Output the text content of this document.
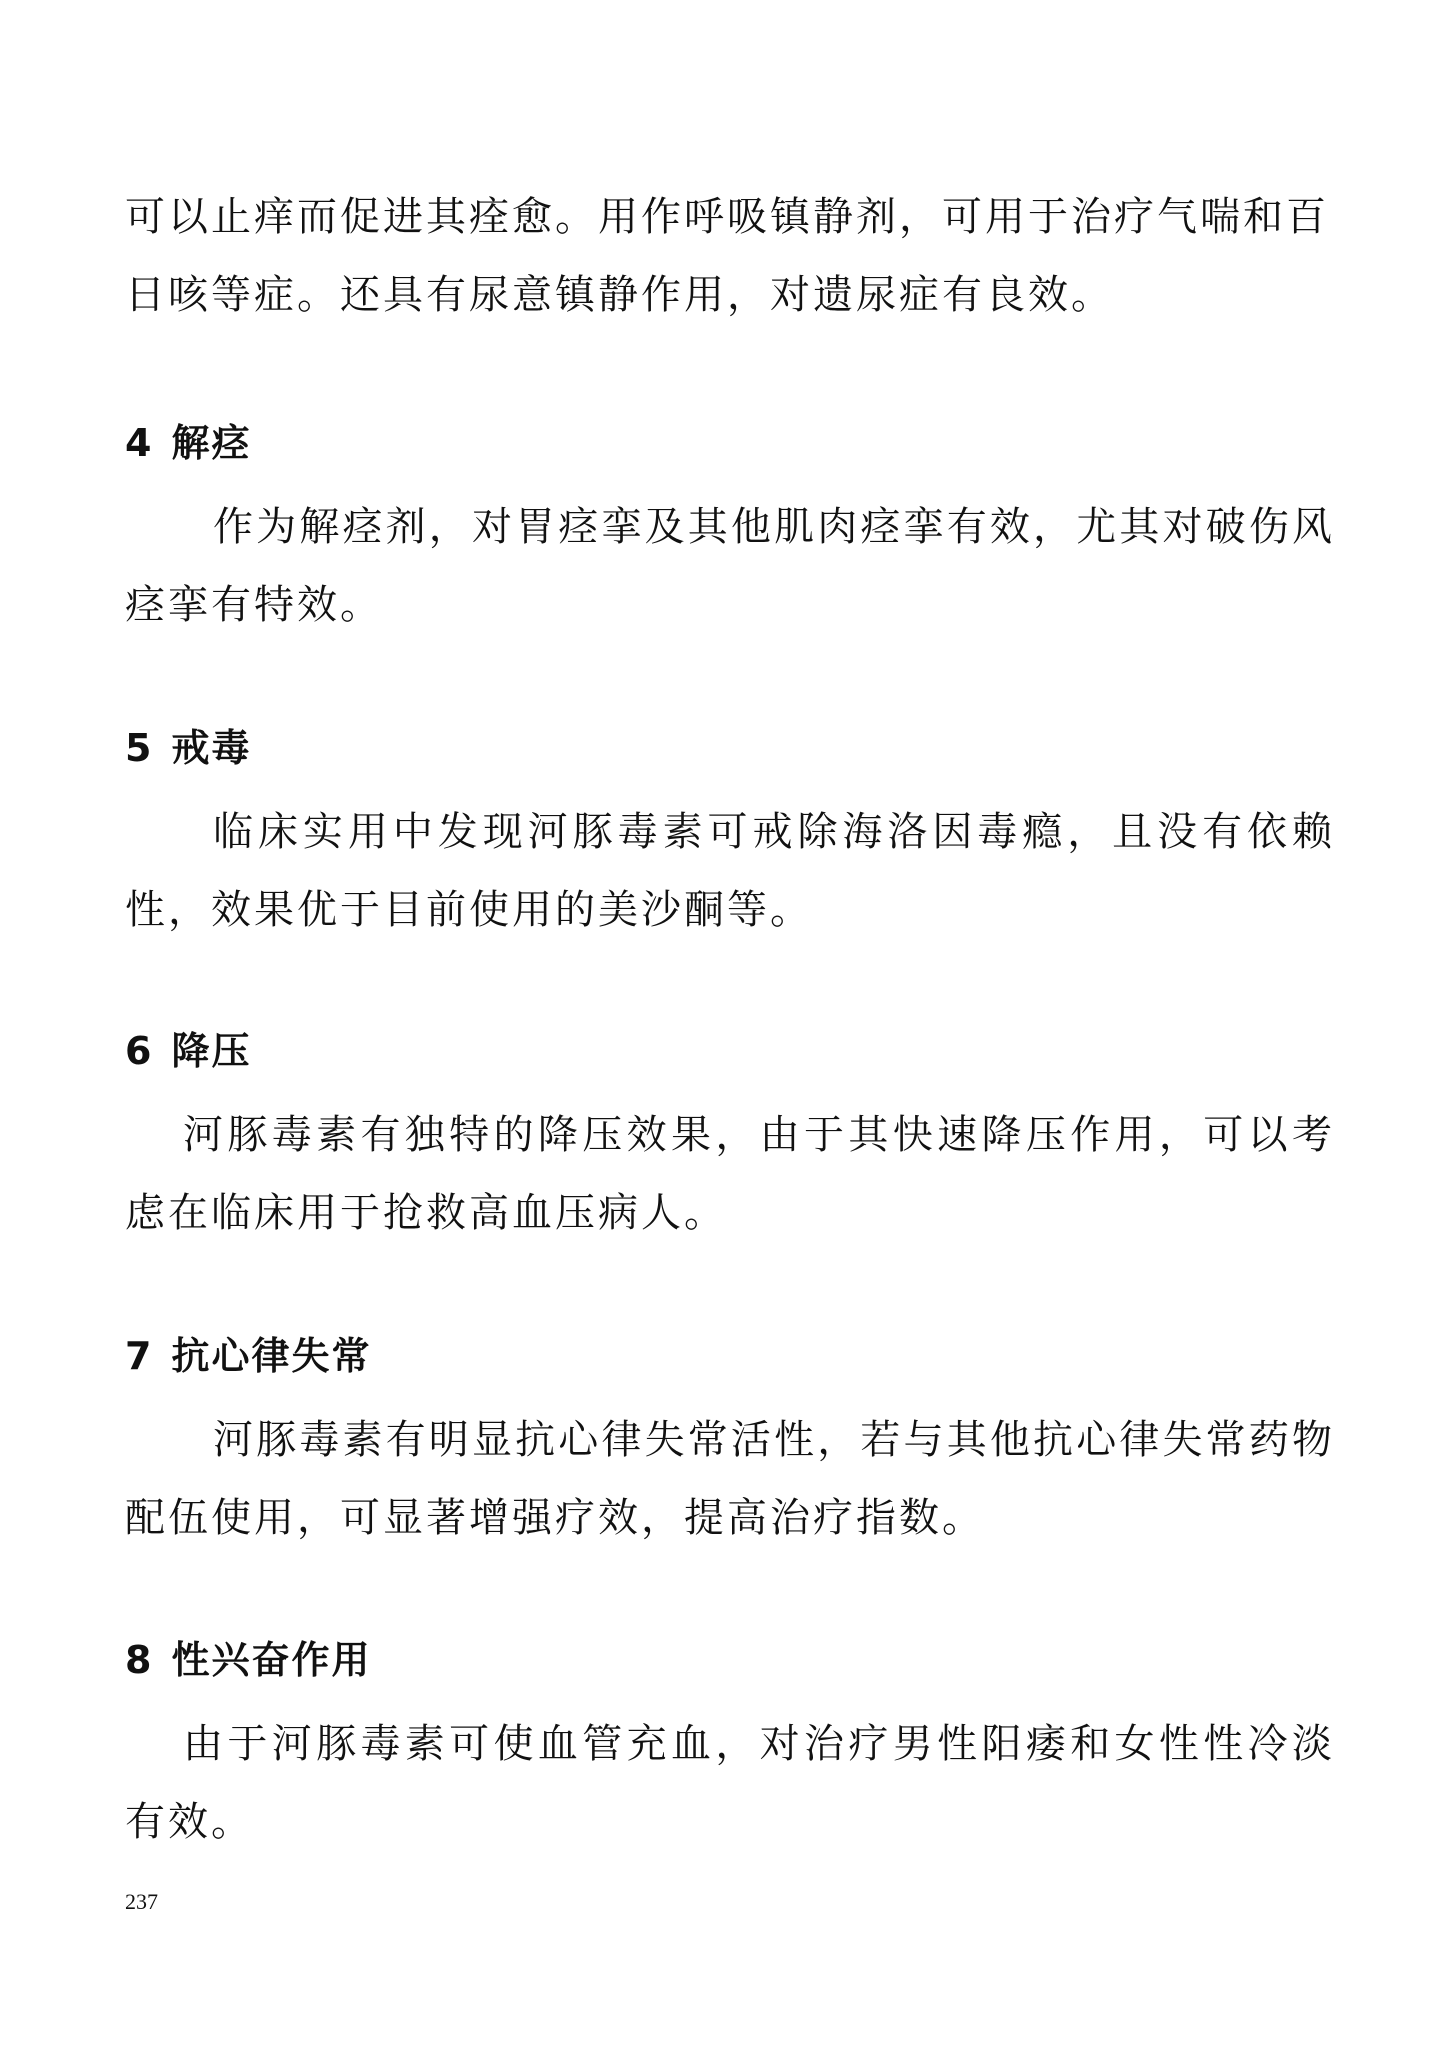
可以止痒而促进其痊愈。用作呼吸镇静剂，可用于治疗气喘和百日咳等症。还具有尿意镇静作用，对遗尿症有良效。

4 解痉

作为解痉剂，对胃痉挛及其他肌肉痉挛有效，尤其对破伤风痉挛有特效。

5 戒毒

临床实用中发现河豚毒素可戒除海洛因毒瘾，且没有依赖性，效果优于目前使用的美沙酮等。

6 降压

河豚毒素有独特的降压效果，由于其快速降压作用，可以考虑在临床用于抢救高血压病人。

7 抗心律失常

河豚毒素有明显抗心律失常活性，若与其他抗心律失常药物配伍使用，可显著增强疗效，提高治疗指数。

8 性兴奋作用

由于河豚毒素可使血管充血，对治疗男性阳痿和女性性冷淡有效。

237
